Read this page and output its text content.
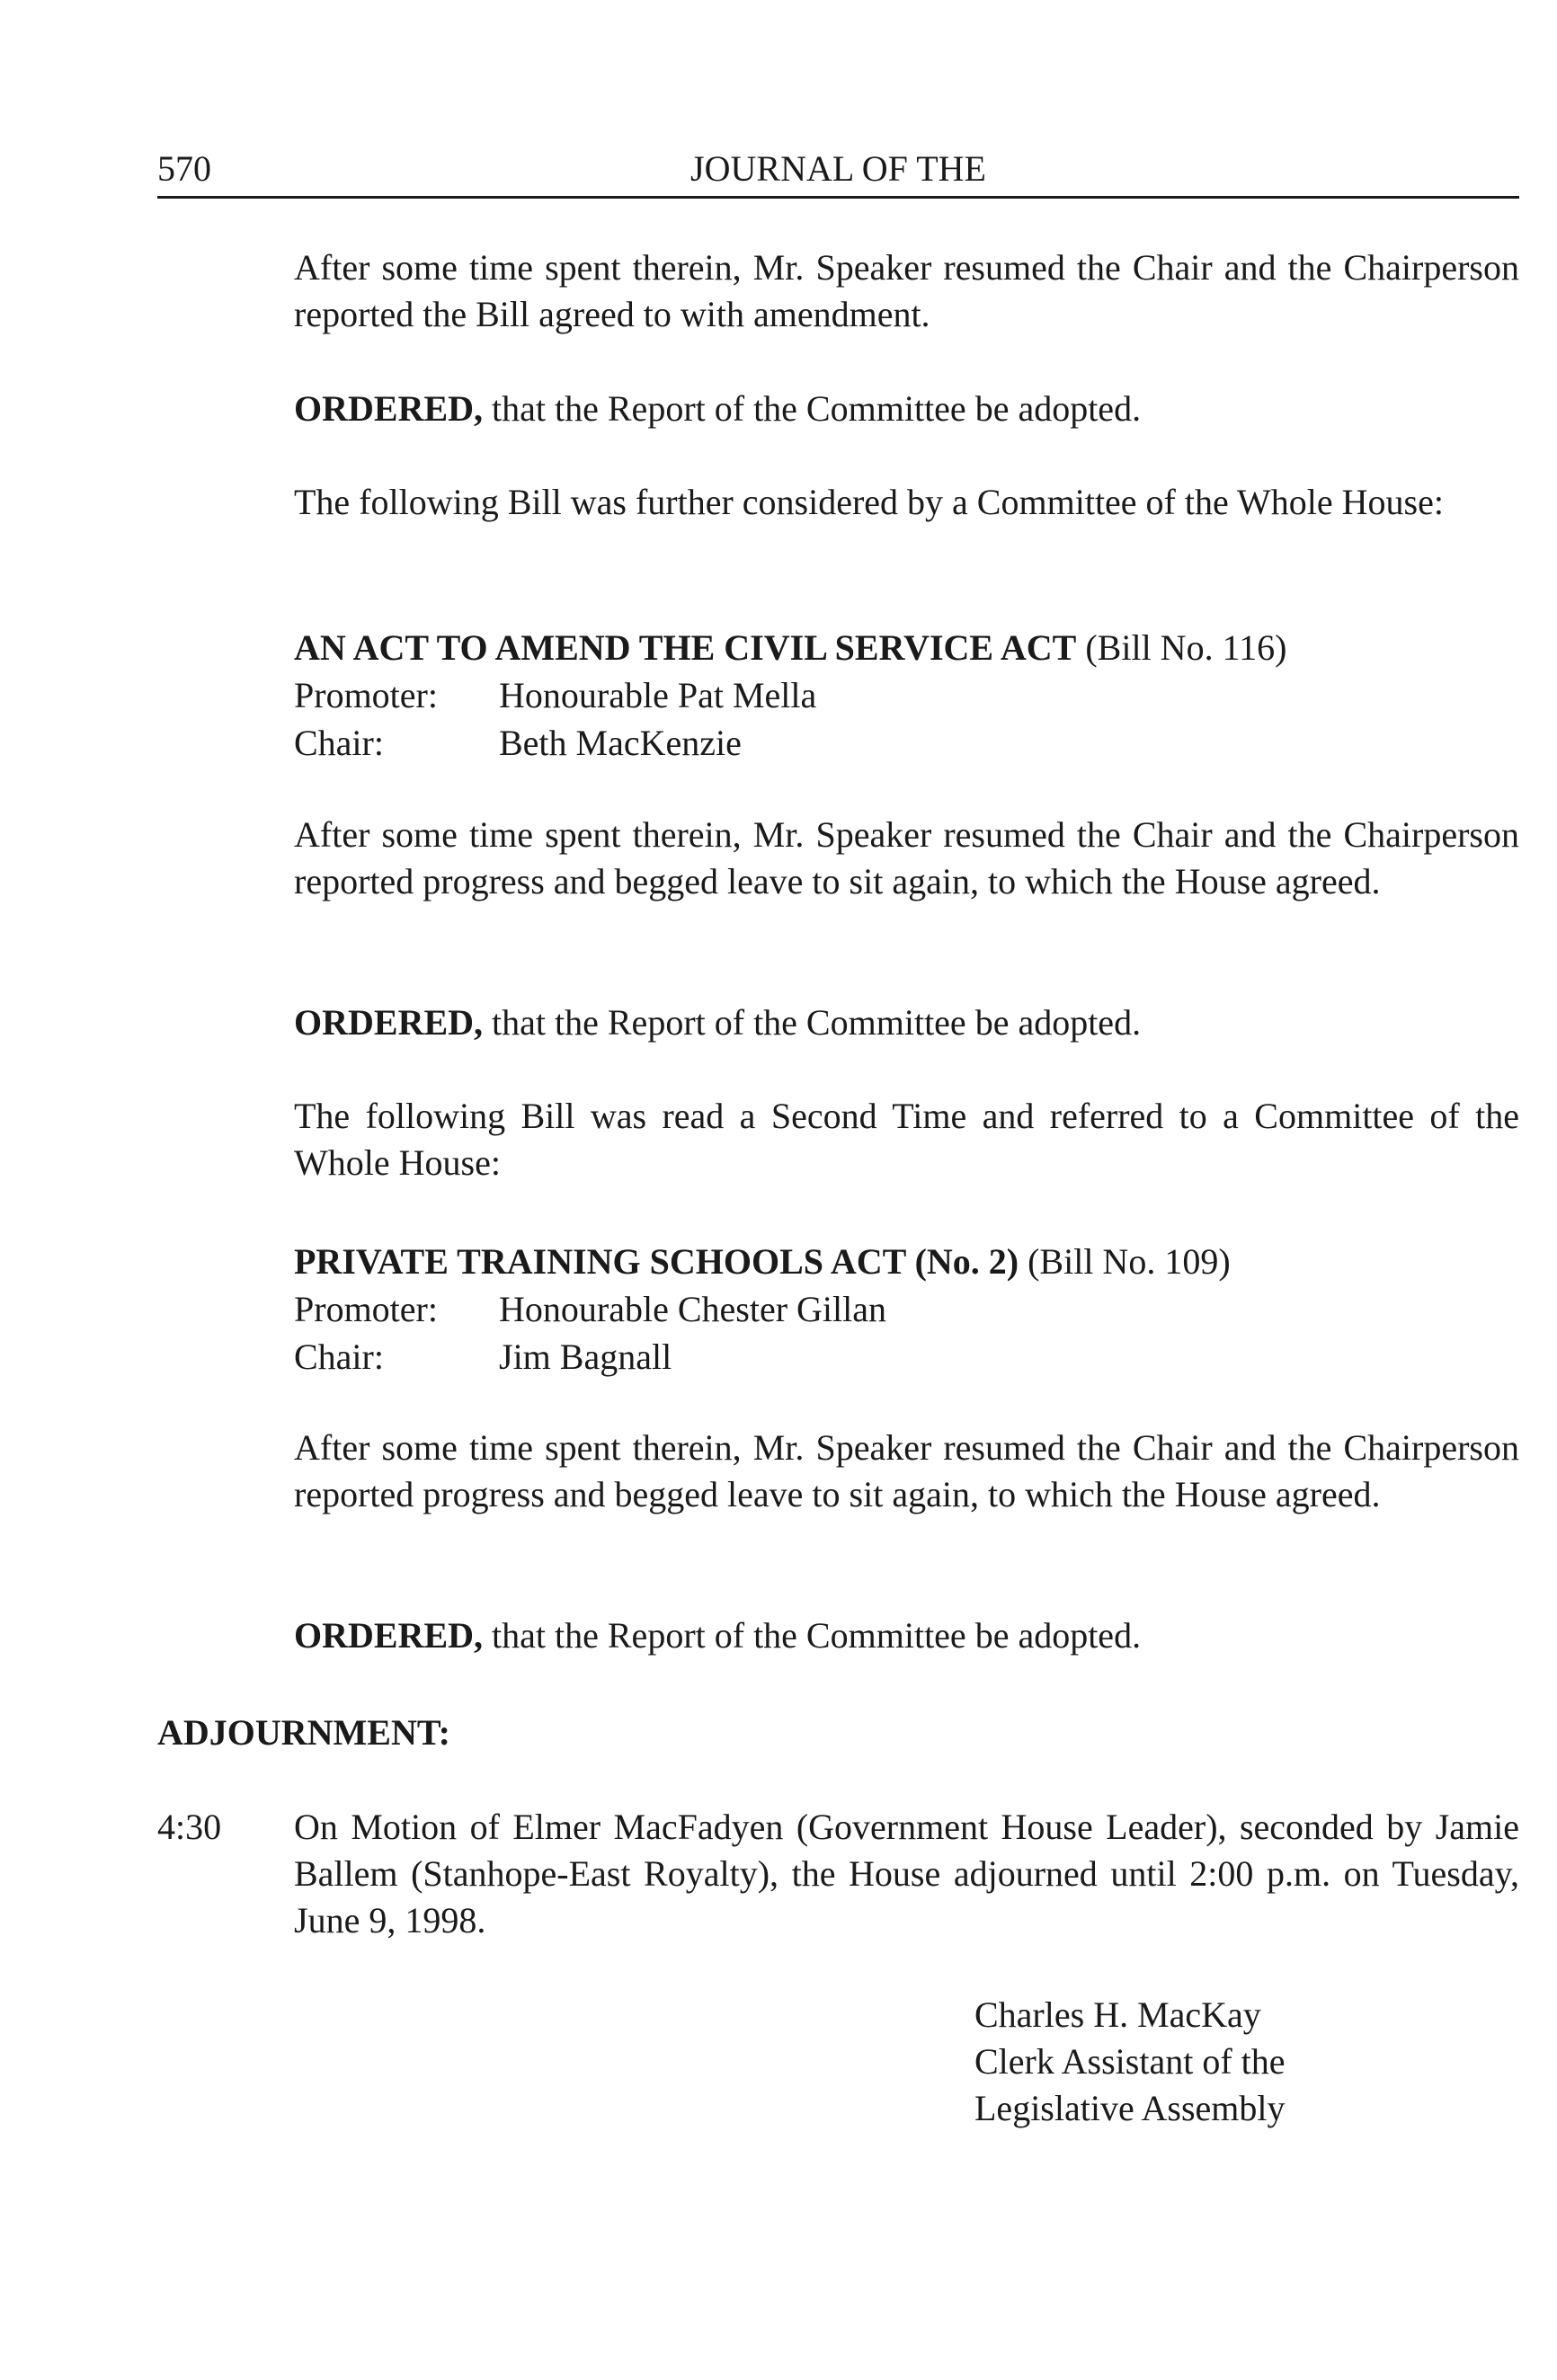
570	JOURNAL OF THE

After some time spent therein, Mr. Speaker resumed the Chair and the Chairperson reported the Bill agreed to with amendment.

ORDERED, that the Report of the Committee be adopted.

The following Bill was further considered by a Committee of the Whole House:

AN ACT TO AMEND THE CIVIL SERVICE ACT (Bill No. 116)
Promoter: Honourable Pat Mella
Chair:	Beth MacKenzie

After some time spent therein, Mr. Speaker resumed the Chair and the Chairperson reported progress and begged leave to sit again, to which the House agreed.

ORDERED, that the Report of the Committee be adopted.

The following Bill was read a Second Time and referred to a Committee of the Whole House:

PRIVATE TRAINING SCHOOLS ACT (No. 2) (Bill No. 109)
Promoter: Honourable Chester Gillan
Chair:	Jim Bagnall

After some time spent therein, Mr. Speaker resumed the Chair and the Chairperson reported progress and begged leave to sit again, to which the House agreed.

ORDERED, that the Report of the Committee be adopted.

ADJOURNMENT:
4:30 On Motion of Elmer MacFadyen (Government House Leader), seconded by Jamie Ballem (Stanhope-East Royalty), the House adjourned until 2:00 p.m. on Tuesday, June 9, 1998.

Charles H. MacKay
Clerk Assistant of the
Legislative Assembly
